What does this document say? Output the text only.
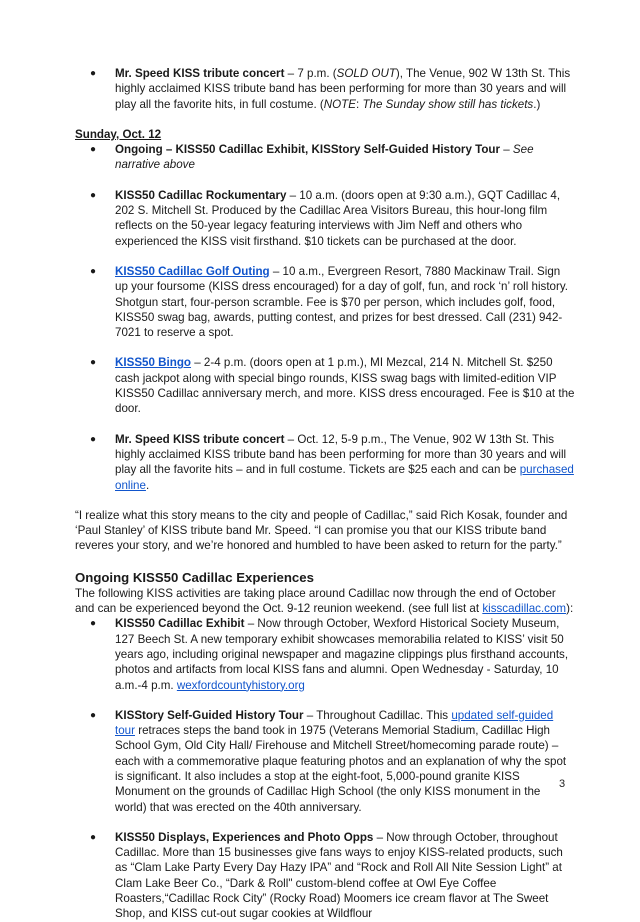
● Mr. Speed KISS tribute concert – 7 p.m. (SOLD OUT), The Venue, 902 W 13th St. This highly acclaimed KISS tribute band has been performing for more than 30 years and will play all the favorite hits, in full costume. (NOTE: The Sunday show still has tickets.)
Sunday, Oct. 12
● Ongoing – KISS50 Cadillac Exhibit, KISStory Self-Guided History Tour – See narrative above
● KISS50 Cadillac Rockumentary – 10 a.m. (doors open at 9:30 a.m.), GQT Cadillac 4, 202 S. Mitchell St. Produced by the Cadillac Area Visitors Bureau, this hour-long film reflects on the 50-year legacy featuring interviews with Jim Neff and others who experienced the KISS visit firsthand. $10 tickets can be purchased at the door.
● KISS50 Cadillac Golf Outing – 10 a.m., Evergreen Resort, 7880 Mackinaw Trail. Sign up your foursome (KISS dress encouraged) for a day of golf, fun, and rock ‘n’ roll history. Shotgun start, four-person scramble. Fee is $70 per person, which includes golf, food, KISS50 swag bag, awards, putting contest, and prizes for best dressed. Call (231) 942-7021 to reserve a spot.
● KISS50 Bingo – 2-4 p.m. (doors open at 1 p.m.), MI Mezcal, 214 N. Mitchell St. $250 cash jackpot along with special bingo rounds, KISS swag bags with limited-edition VIP KISS50 Cadillac anniversary merch, and more. KISS dress encouraged. Fee is $10 at the door.
● Mr. Speed KISS tribute concert – Oct. 12, 5-9 p.m., The Venue, 902 W 13th St. This highly acclaimed KISS tribute band has been performing for more than 30 years and will play all the favorite hits – and in full costume. Tickets are $25 each and can be purchased online.

“I realize what this story means to the city and people of Cadillac,” said Rich Kosak, founder and ‘Paul Stanley’ of KISS tribute band Mr. Speed. “I can promise you that our KISS tribute band reveres your story, and we’re honored and humbled to have been asked to return for the party.”

Ongoing KISS50 Cadillac Experiences
The following KISS activities are taking place around Cadillac now through the end of October and can be experienced beyond the Oct. 9-12 reunion weekend. (see full list at kisscadillac.com):
● KISS50 Cadillac Exhibit – Now through October, Wexford Historical Society Museum, 127 Beech St. A new temporary exhibit showcases memorabilia related to KISS’ visit 50 years ago, including original newspaper and magazine clippings plus firsthand accounts, photos and artifacts from local KISS fans and alumni. Open Wednesday - Saturday, 10 a.m.-4 p.m. wexfordcountyhistory.org
● KISStory Self-Guided History Tour – Throughout Cadillac. This updated self-guided tour retraces steps the band took in 1975 (Veterans Memorial Stadium, Cadillac High School Gym, Old City Hall/ Firehouse and Mitchell Street/homecoming parade route) – each with a commemorative plaque featuring photos and an explanation of why the spot is significant. It also includes a stop at the eight-foot, 5,000-pound granite KISS Monument on the grounds of Cadillac High School (the only KISS monument in the world) that was erected on the 40th anniversary.
● KISS50 Displays, Experiences and Photo Opps – Now through October, throughout Cadillac. More than 15 businesses give fans ways to enjoy KISS-related products, such as “Clam Lake Party Every Day Hazy IPA” and “Rock and Roll All Nite Session Light” at Clam Lake Beer Co., “Dark & Roll" custom-blend coffee at Owl Eye Coffee Roasters,“Cadillac Rock City” (Rocky Road) Moomers ice cream flavor at The Sweet Shop, and KISS cut-out sugar cookies at Wildflour
3
